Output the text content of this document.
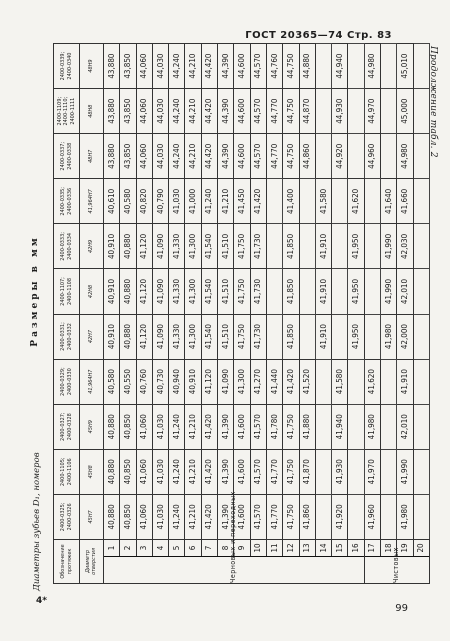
ГОСТ 20365—74 Стр. 83
Продолжение табл. 2
Диаметры зубьев D₁, номеров
4*
99
Размеры в мм
Обозначение протяжек		2400-0325; 2400-0326	2400-1105; 2400-1106	2400-0327; 2400-0328	2400-0329; 2400-0330	2400-0331; 2400-0332	2400-1107; 2400-1108	2400-0333; 2400-0334	2400-0335; 2400-0336	2400-0337; 2400-0338	2400-1109; 2400-1110; 2400-1111	2400-0339; 2400-0340
Диаметр отверстия		45H7	45H8	45H9	41,964H7	42H7	42H8	42H9	41,964H7	48H7	48H8	48H9
Черновых и переходных	1	40,880	40,880	40,880	40,580	40,910	40,910	40,910	40,610	43,880	43,880	43,880
	2	40,850	40,850	40,850	40,550	40,880	40,880	40,880	40,580	43,850	43,850	43,850
	3	41,060	41,060	41,060	40,760	41,120	41,120	41,120	40,820	44,060	44,060	44,060
	4	41,030	41,030	41,030	40,730	41,090	41,090	41,090	40,790	44,030	44,030	44,030
	5	41,240	41,240	41,240	40,940	41,330	41,330	41,330	41,030	44,240	44,240	44,240
	6	41,210	41,210	41,210	40,910	41,300	41,300	41,300	41,000	44,210	44,210	44,210
	7	41,420	41,420	41,420	41,120	41,540	41,540	41,540	41,240	44,420	44,420	44,420
	8	41,390	41,390	41,390	41,090	41,510	41,510	41,510	41,210	44,390	44,390	44,390
	9	41,600	41,600	41,600	41,300	41,750	41,750	41,750	41,450	44,600	44,600	44,600
	10	41,570	41,570	41,570	41,270	41,730	41,730	41,730	41,420	44,570	44,570	44,570
	11	41,770	41,770	41,780	41,440					44,770	44,770	44,760
	12	41,750	41,750	41,750	41,420	41,850	41,850	41,850	41,400	44,750	44,750	44,750
	13	41,860	41,870	41,880	41,520					44,860	44,870	44,880
	14					41,910	41,910	41,910	41,580			
	15	41,920	41,930	41,940	41,580					44,920	44,930	44,940
	16					41,950	41,950	41,950	41,620			
Чистовых	17	41,960	41,970	41,980	41,620					44,960	44,970	44,980
	18					41,980	41,990	41,990	41,640			
	19	41,980	41,990	42,010	41,910	42,000	42,010	42,030	41,660	44,980	45,000	45,010
	20											
